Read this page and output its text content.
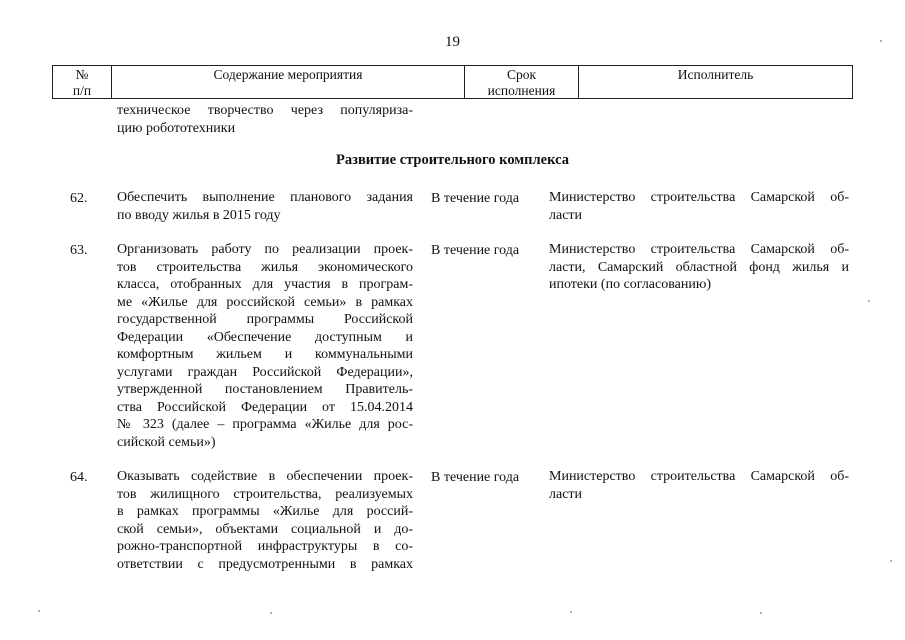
19
№
п/п
Содержание мероприятия	Срок
исполнения
Исполнитель
техническое творчество через популяриза-
цию робототехники
Развитие строительного комплекса
62. Обеспечить выполнение планового задания
по вводу жилья в 2015 году
В течение года Министерство строительства Самарской об-
ласти
63. Организовать работу по реализации проек-
тов строительства жилья экономического
класса, отобранных для участия в програм-
ме «Жилье для российской семьи» в рамках
государственной программы Российской
Федерации «Обеспечение доступным и
комфортным жильем и коммунальными
услугами граждан Российской Федерации»,
утвержденной постановлением Правитель-
ства Российской Федерации от 15.04.2014
№ 323 (далее – программа «Жилье для рос-
сийской семьи»)
В течение года Министерство строительства Самарской об-
ласти, Самарский областной фонд жилья и
ипотеки (по согласованию)
64. Оказывать содействие в обеспечении проек-
тов жилищного строительства, реализуемых
в рамках программы «Жилье для россий-
ской семьи», объектами социальной и до-
рожно-транспортной инфраструктуры в со-
ответствии с предусмотренными в рамках
В течение года Министерство строительства Самарской об-
ласти
